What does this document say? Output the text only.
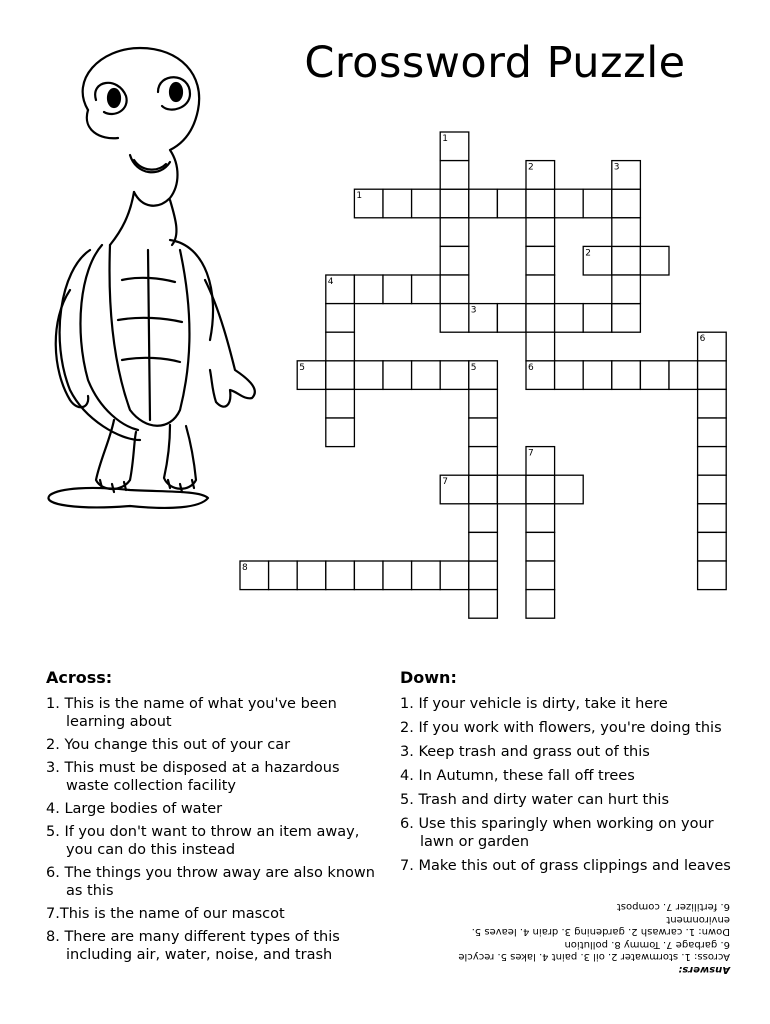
Crossword Puzzle
1
2	3
1
2
4
3
6
5	5	6
7
7
8
Across:
1. This is the name of what you've been learning about
2. You change this out of your car
3. This must be disposed at a hazardous waste collection facility
4. Large bodies of water
5. If you don't want to throw an item away, you can do this instead
6. The things you throw away are also known as this
7.This is the name of our mascot
8. There are many different types of this including air, water, noise, and trash
Down:
1. If your vehicle is dirty, take it here
2. If you work with flowers, you're doing this
3. Keep trash and grass out of this
4. In Autumn, these fall off trees
5. Trash and dirty water can hurt this
6. Use this sparingly when working on your lawn or garden
7. Make this out of grass clippings and leaves
Answers:
Across: 1. stormwater 2. oil 3. paint 4. lakes 5. recycle
6. garbage 7. Tommy 8. pollution
Down: 1. carwash 2. gardening 3. drain 4. leaves 5. environment
6. fertilizer 7. compost
